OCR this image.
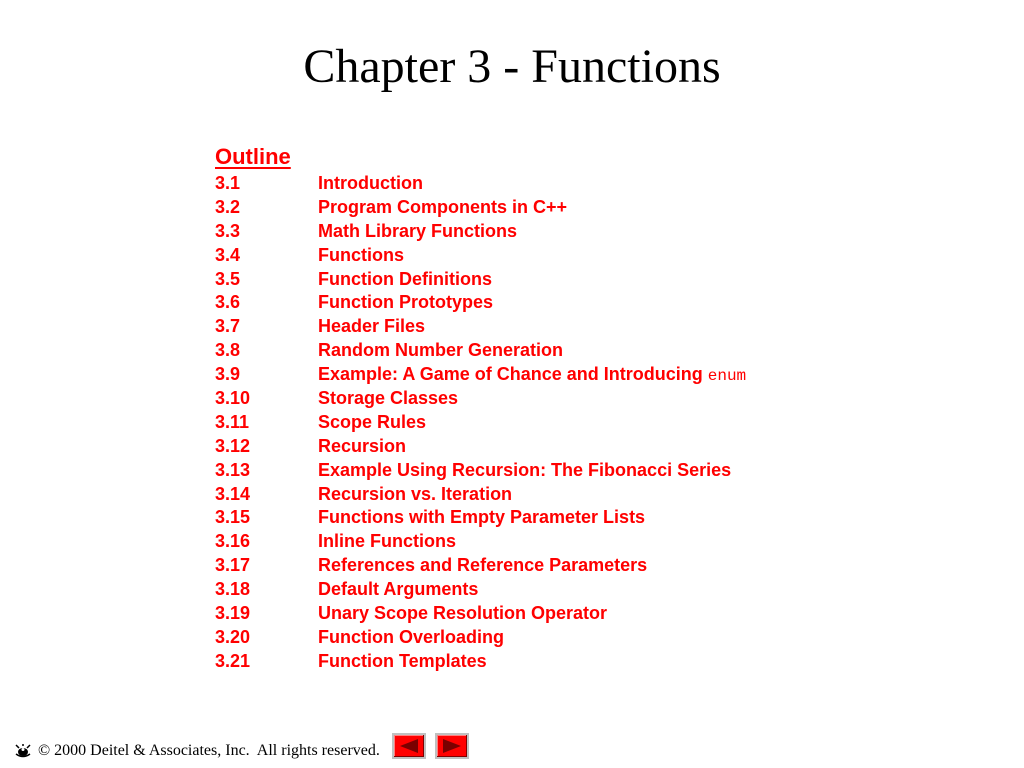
Chapter 3 - Functions
Outline
3.1	Introduction
3.2	Program Components in C++
3.3	Math Library Functions
3.4	Functions
3.5	Function Definitions
3.6	Function Prototypes
3.7	Header Files
3.8	Random Number Generation
3.9	Example: A Game of Chance and Introducing enum
3.10	Storage Classes
3.11	Scope Rules
3.12	Recursion
3.13	Example Using Recursion: The Fibonacci Series
3.14	Recursion vs. Iteration
3.15	Functions with Empty Parameter Lists
3.16	Inline Functions
3.17	References and Reference Parameters
3.18	Default Arguments
3.19	Unary Scope Resolution Operator
3.20	Function Overloading
3.21	Function Templates
© 2000 Deitel & Associates, Inc.  All rights reserved.
